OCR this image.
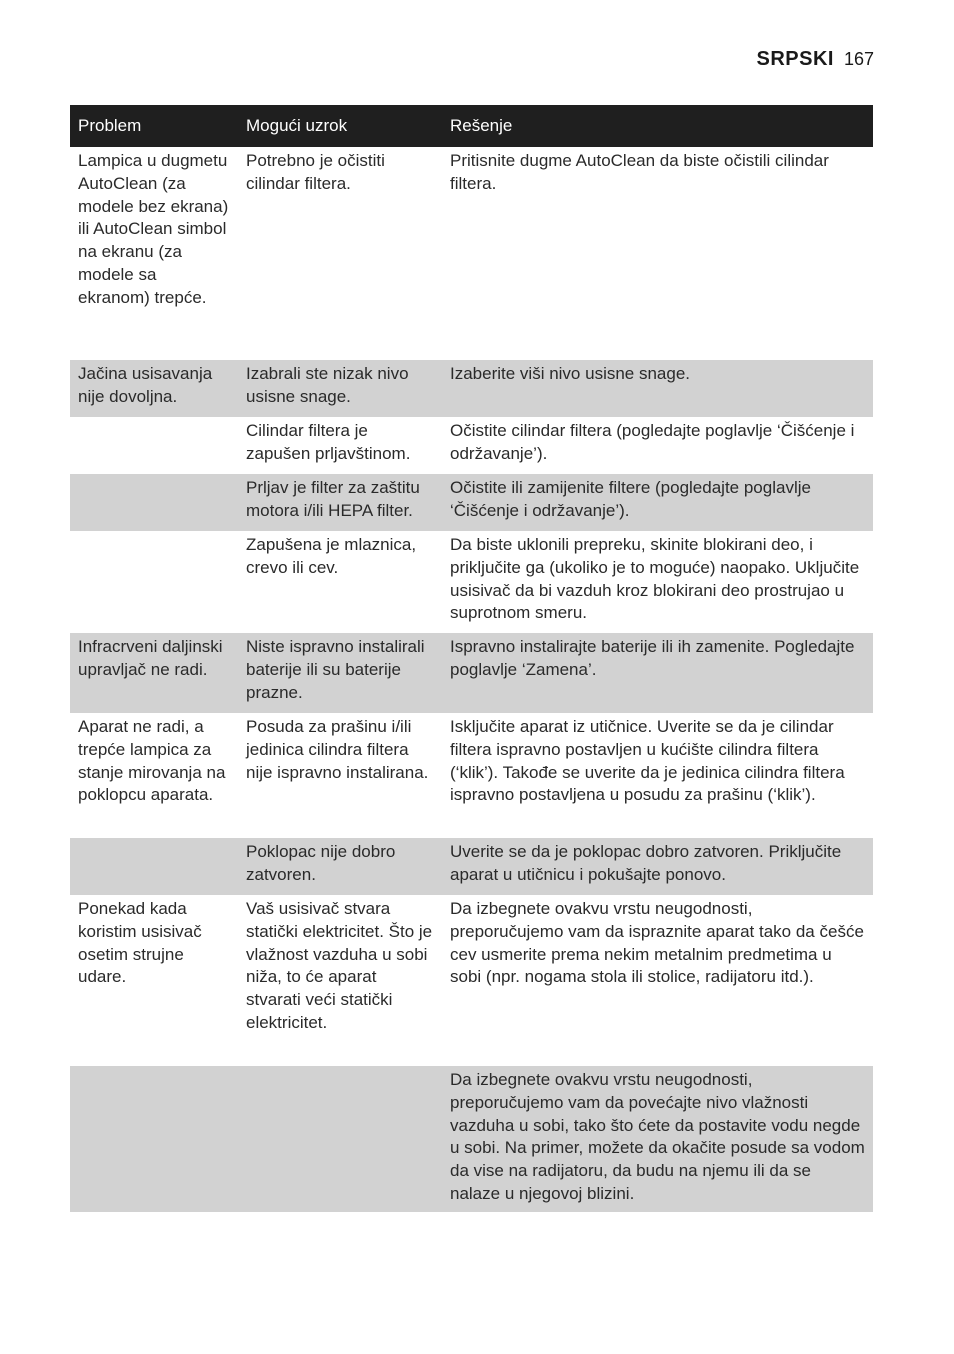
SRPSKI 167
Problem	Mogući uzrok	Rešenje
Lampica u dugmetu AutoClean (za modele bez ekrana) ili AutoClean simbol na ekranu (za modele sa ekranom) trepće.	Potrebno je očistiti cilindar filtera.	Pritisnite dugme AutoClean da biste očistili cilindar filtera.
Jačina usisavanja nije dovoljna.	Izabrali ste nizak nivo usisne snage.	Izaberite viši nivo usisne snage.
	Cilindar filtera je zapušen prljavštinom.	Očistite cilindar filtera (pogledajte poglavlje ‘Čišćenje i održavanje’).
	Prljav je filter za zaštitu motora i/ili HEPA filter.	Očistite ili zamijenite filtere (pogledajte poglavlje ‘Čišćenje i održavanje’).
	Zapušena je mlaznica, crevo ili cev.	Da biste uklonili prepreku, skinite blokirani deo, i priključite ga (ukoliko je to moguće) naopako. Uključite usisivač da bi vazduh kroz blokirani deo prostrujao u suprotnom smeru.
Infracrveni daljinski upravljač ne radi.	Niste ispravno instalirali baterije ili su baterije prazne.	Ispravno instalirajte baterije ili ih zamenite. Pogledajte poglavlje ‘Zamena’.
Aparat ne radi, a trepće lampica za stanje mirovanja na poklopcu aparata.	Posuda za prašinu i/ili jedinica cilindra filtera nije ispravno instalirana.	Isključite aparat iz utičnice. Uverite se da je cilindar filtera ispravno postavljen u kućište cilindra filtera (‘klik’). Takođe se uverite da je jedinica cilindra filtera ispravno postavljena u posudu za prašinu (‘klik’).
	Poklopac nije dobro zatvoren.	Uverite se da je poklopac dobro zatvoren. Priključite aparat u utičnicu i pokušajte ponovo.
Ponekad kada koristim usisivač osetim strujne udare.	Vaš usisivač stvara statički elektricitet. Što je vlažnost vazduha u sobi niža, to će aparat stvarati veći statički elektricitet.	Da izbegnete ovakvu vrstu neugodnosti, preporučujemo vam da ispraznite aparat tako da češće cev usmerite prema nekim metalnim predmetima u sobi (npr. nogama stola ili stolice, radijatoru itd.).
		Da izbegnete ovakvu vrstu neugodnosti, preporučujemo vam da povećajte nivo vlažnosti vazduha u sobi, tako što ćete da postavite vodu negde u sobi. Na primer, možete da okačite posude sa vodom da vise na radijatoru, da budu na njemu ili da se nalaze u njegovoj blizini.
